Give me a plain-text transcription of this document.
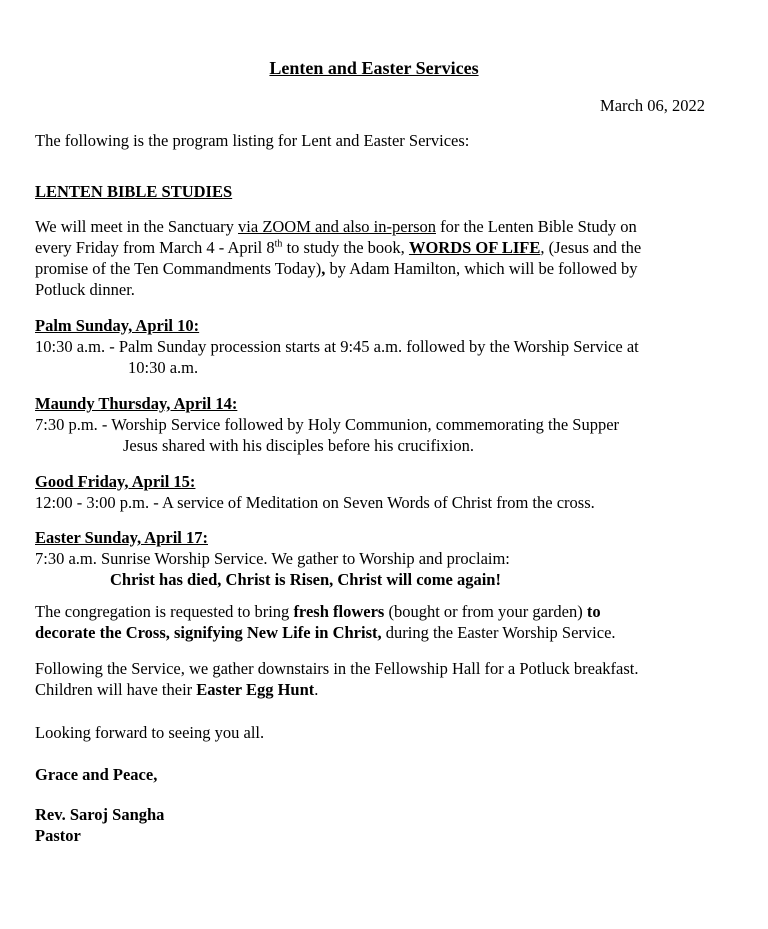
Lenten and Easter Services
March 06, 2022
The following is the program listing for Lent and Easter Services:
LENTEN BIBLE STUDIES
We will meet in the Sanctuary via ZOOM and also in-person for the Lenten Bible Study on
every Friday from March 4 - April 8th to study the book, WORDS OF LIFE, (Jesus and the
promise of the Ten Commandments Today), by Adam Hamilton, which will be followed by
Potluck dinner.
Palm Sunday, April 10:
10:30 a.m. - Palm Sunday procession starts at 9:45 a.m. followed by the Worship Service at
10:30 a.m.
Maundy Thursday, April 14:
7:30 p.m. - Worship Service followed by Holy Communion, commemorating the Supper
Jesus shared with his disciples before his crucifixion.
Good Friday, April 15:
12:00 - 3:00 p.m. - A service of Meditation on Seven Words of Christ from the cross.
Easter Sunday, April 17:
7:30 a.m. Sunrise Worship Service. We gather to Worship and proclaim:
Christ has died, Christ is Risen, Christ will come again!
The congregation is requested to bring fresh flowers (bought or from your garden) to
decorate the Cross, signifying New Life in Christ, during the Easter Worship Service.
Following the Service, we gather downstairs in the Fellowship Hall for a Potluck breakfast.
Children will have their Easter Egg Hunt.
Looking forward to seeing you all.
Grace and Peace,
Rev. Saroj Sangha
Pastor
